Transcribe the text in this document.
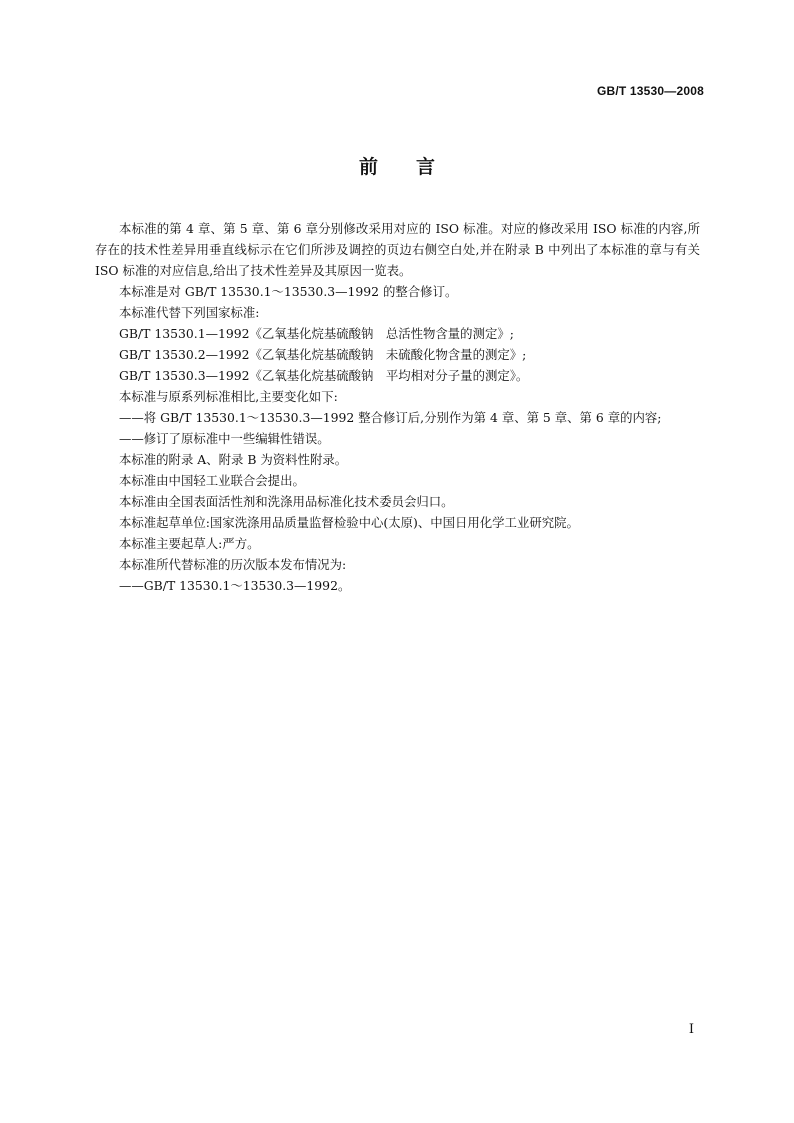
GB/T 13530—2008
前言

本标准的第 4 章、第 5 章、第 6 章分别修改采用对应的 ISO 标准。对应的修改采用 ISO 标准的内容,所存在的技术性差异用垂直线标示在它们所涉及调控的页边右侧空白处,并在附录 B 中列出了本标准的章与有关 ISO 标准的对应信息,给出了技术性差异及其原因一览表。

本标准是对 GB/T 13530.1～13530.3—1992 的整合修订。

本标准代替下列国家标准:

GB/T 13530.1—1992《乙氧基化烷基硫酸钠　总活性物含量的测定》;

GB/T 13530.2—1992《乙氧基化烷基硫酸钠　未硫酸化物含量的测定》;

GB/T 13530.3—1992《乙氧基化烷基硫酸钠　平均相对分子量的测定》。

本标准与原系列标准相比,主要变化如下:

——将 GB/T 13530.1～13530.3—1992 整合修订后,分别作为第 4 章、第 5 章、第 6 章的内容;

——修订了原标准中一些编辑性错误。

本标准的附录 A、附录 B 为资料性附录。

本标准由中国轻工业联合会提出。

本标准由全国表面活性剂和洗涤用品标准化技术委员会归口。

本标准起草单位:国家洗涤用品质量监督检验中心(太原)、中国日用化学工业研究院。

本标准主要起草人:严方。

本标准所代替标准的历次版本发布情况为:

——GB/T 13530.1～13530.3—1992。

I
